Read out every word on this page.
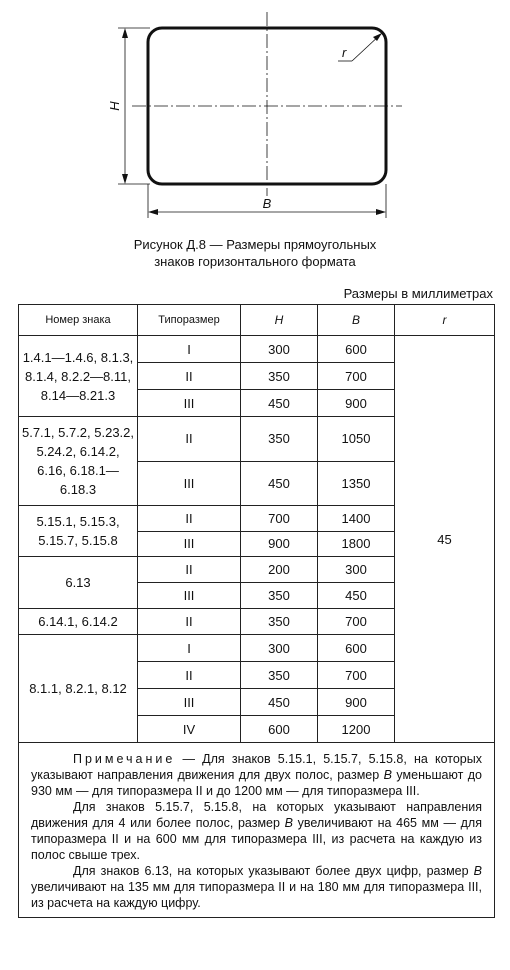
H
B
r
Рисунок Д.8 — Размеры прямоугольных
знаков горизонтального формата
Размеры в миллиметрах
Номер знака	Типоразмер	H	B	r
1.4.1—1.4.6, 8.1.3, 8.1.4, 8.2.2—8.11, 8.14—8.21.3	I	300	600	45
	II	350	700	
	III	450	900	
5.7.1, 5.7.2, 5.23.2, 5.24.2, 6.14.2, 6.16, 6.18.1—6.18.3	II	350	1050	
	III	450	1350	
5.15.1, 5.15.3, 5.15.7, 5.15.8	II	700	1400	
	III	900	1800	
6.13	II	200	300	
	III	350	450	
6.14.1, 6.14.2	II	350	700	
8.1.1, 8.2.1, 8.12	I	300	600	
	II	350	700	
	III	450	900	
	IV	600	1200	

Примечание — Для знаков 5.15.1, 5.15.7, 5.15.8, на которых указывают направления движения для двух полос, размер B уменьшают до 930 мм — для типоразмера II и до 1200 мм — для типоразмера III.

Для знаков 5.15.7, 5.15.8, на которых указывают направления движения для 4 или более полос, размер B увеличивают на 465 мм — для типоразмера II и на 600 мм для типоразмера III, из расчета на каждую из полос свыше трех.

Для знаков 6.13, на которых указывают более двух цифр, размер B увеличивают на 135 мм для типоразмера II и на 180 мм для типоразмера III, из расчета на каждую цифру.				
